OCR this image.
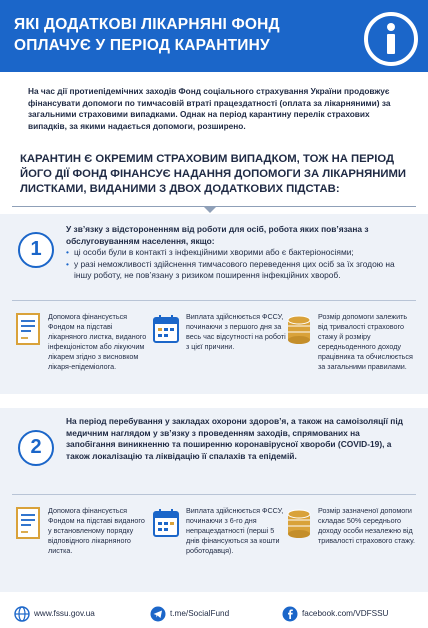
ЯКІ ДОДАТКОВІ ЛІКАРНЯНІ ФОНД ОПЛАЧУЄ У ПЕРІОД КАРАНТИНУ
На час дії протиепідемічних заходів Фонд соціального страхування України продовжує фінансувати допомоги по тимчасовій втраті працездатності (оплата за лікарняними) за загальними страховими випадками. Однак на період карантину перелік страхових випадків, за якими надається допомоги, розширено.
КАРАНТИН Є ОКРЕМИМ СТРАХОВИМ ВИПАДКОМ, ТОЖ НА ПЕРІОД ЙОГО ДІЇ ФОНД ФІНАНСУЄ НАДАННЯ ДОПОМОГИ ЗА ЛІКАРНЯНИМИ ЛИСТКАМИ, ВИДАНИМИ З ДВОХ ДОДАТКОВИХ ПІДСТАВ:
1
У зв’язку з відстороненням від роботи для осіб, робота яких пов’язана з обслуговуванням населення, якщо:
• ці особи були в контакті з інфекційними хворими або є бактеріоносіями;
• у разі неможливості здійснення тимчасового переведення цих осіб за їх згодою на іншу роботу, не пов’язану з ризиком поширення інфекційних хвороб.
Допомога фінансується Фондом на підставі лікарняного листка, виданого інфекціоністом або лікуючим лікарем згідно з висновком лікаря-епідеміолога.
Виплата здійснюється ФССУ, починаючи з першого дня за весь час відсутності на роботі з цієї причини.
Розмір допомоги залежить від тривалості страхового стажу й розміру середньоденного доходу працівника та обчислюється за загальними правилами.
2
На період перебування у закладах охорони здоров’я, а також на самоізоляції під медичним наглядом у зв’язку з проведенням заходів, спрямованих на запобігання виникненню та поширенню коронавірусної хвороби (COVID-19), а також локалізацію та ліквідацію її спалахів та епідемій.
Допомога фінансується Фондом на підставі виданого у встановленому порядку відповідного лікарняного листка.
Виплата здійснюється ФССУ, починаючи з 6-го дня непрацездатності (перші 5 днів фінансуються за кошти роботодавця).
Розмір зазначеної допомоги складає 50% середнього доходу особи незалежно від тривалості страхового стажу.
www.fssu.gov.ua	t.me/SocialFund	facebook.com/VDFSSU
